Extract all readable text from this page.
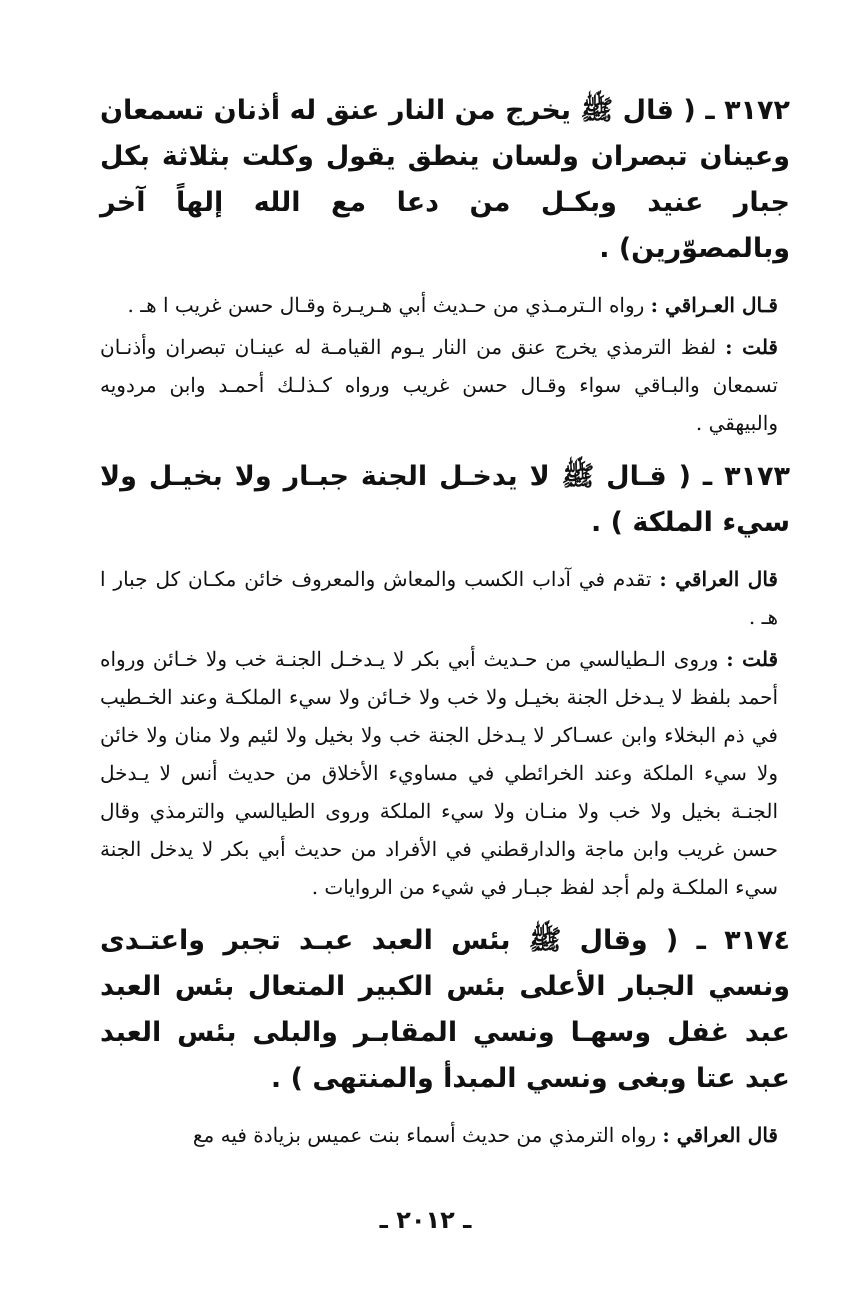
٣١٧٢ ـ ( قال ﷺ يخرج من النار عنق له أذنان تسمعان وعينان تبصران ولسان ينطق يقول وكلت بثلاثة بكل جبار عنيد وبكـل من دعا مع الله إلهاً آخر وبالمصوّرين) .

قـال العـراقي : رواه الـترمـذي من حـديث أبي هـريـرة وقـال حسن غريب ا هـ .

قلت : لفظ الترمذي يخرج عنق من النار يـوم القيامـة له عينـان تبصران وأذنـان تسمعان والبـاقي سواء وقـال حسن غريب ورواه كـذلـك أحمـد وابن مردويه والبيهقي .

٣١٧٣ ـ ( قـال ﷺ لا يدخـل الجنة جبـار ولا بخيـل ولا سيء الملكة ) .

قال العراقي : تقدم في آداب الكسب والمعاش والمعروف خائن مكـان كل جبار ا هـ .

قلت : وروى الـطيالسي من حـديث أبي بكر لا يـدخـل الجنـة خب ولا خـائن ورواه أحمد بلفظ لا يـدخل الجنة بخيـل ولا خب ولا خـائن ولا سيء الملكـة وعند الخـطيب في ذم البخلاء وابن عسـاكر لا يـدخل الجنة خب ولا بخيل ولا لئيم ولا منان ولا خائن ولا سيء الملكة وعند الخرائطي في مساويء الأخلاق من حديث أنس لا يـدخل الجنـة بخيل ولا خب ولا منـان ولا سيء الملكة وروى الطيالسي والترمذي وقال حسن غريب وابن ماجة والدارقطني في الأفراد من حديث أبي بكر لا يدخل الجنة سيء الملكـة ولم أجد لفظ جبـار في شيء من الروايات .

٣١٧٤ ـ ( وقال ﷺ بئس العبد عبـد تجبر واعتـدى ونسي الجبار الأعلى بئس الكبير المتعال بئس العبد عبد غفل وسهـا ونسي المقابـر والبلى بئس العبد عبد عتا وبغى ونسي المبدأ والمنتهى ) .

قال العراقي : رواه الترمذي من حديث أسماء بنت عميس بزيادة فيه مع

ـ ٢٠١٢ ـ
